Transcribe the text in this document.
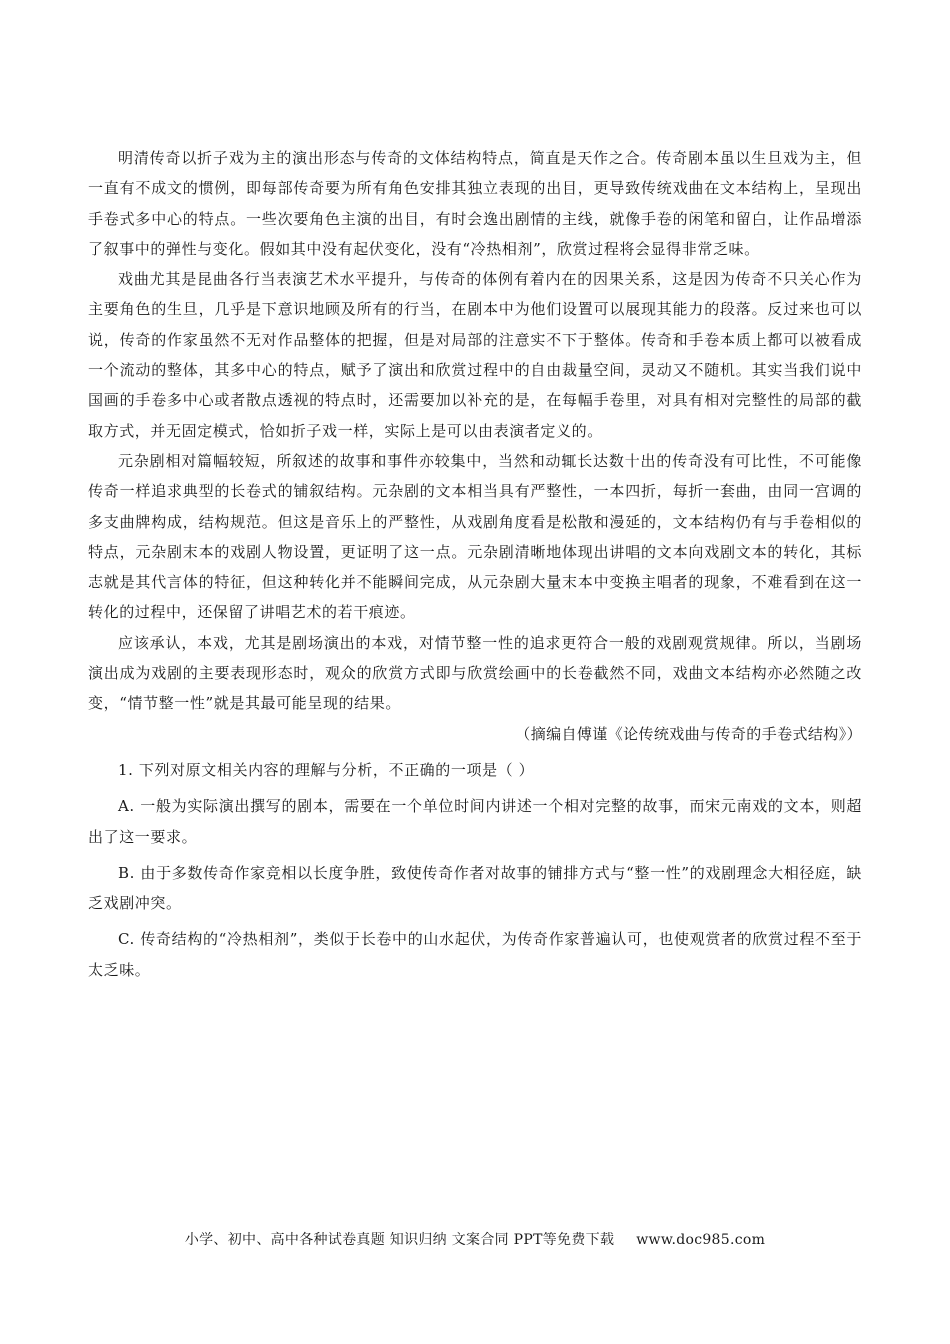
明清传奇以折子戏为主的演出形态与传奇的文体结构特点，简直是天作之合。传奇剧本虽以生旦戏为主，但一直有不成文的惯例，即每部传奇要为所有角色安排其独立表现的出目，更导致传统戏曲在文本结构上，呈现出手卷式多中心的特点。一些次要角色主演的出目，有时会逸出剧情的主线，就像手卷的闲笔和留白，让作品增添了叙事中的弹性与变化。假如其中没有起伏变化，没有“冷热相剂”，欣赏过程将会显得非常乏味。

戏曲尤其是昆曲各行当表演艺术水平提升，与传奇的体例有着内在的因果关系，这是因为传奇不只关心作为主要角色的生旦，几乎是下意识地顾及所有的行当，在剧本中为他们设置可以展现其能力的段落。反过来也可以说，传奇的作家虽然不无对作品整体的把握，但是对局部的注意实不下于整体。传奇和手卷本质上都可以被看成一个流动的整体，其多中心的特点，赋予了演出和欣赏过程中的自由裁量空间，灵动又不随机。其实当我们说中国画的手卷多中心或者散点透视的特点时，还需要加以补充的是，在每幅手卷里，对具有相对完整性的局部的截取方式，并无固定模式，恰如折子戏一样，实际上是可以由表演者定义的。

元杂剧相对篇幅较短，所叙述的故事和事件亦较集中，当然和动辄长达数十出的传奇没有可比性，不可能像传奇一样追求典型的长卷式的铺叙结构。元杂剧的文本相当具有严整性，一本四折，每折一套曲，由同一宫调的多支曲牌构成，结构规范。但这是音乐上的严整性，从戏剧角度看是松散和漫延的，文本结构仍有与手卷相似的特点，元杂剧末本的戏剧人物设置，更证明了这一点。元杂剧清晰地体现出讲唱的文本向戏剧文本的转化，其标志就是其代言体的特征，但这种转化并不能瞬间完成，从元杂剧大量末本中变换主唱者的现象，不难看到在这一转化的过程中，还保留了讲唱艺术的若干痕迹。

应该承认，本戏，尤其是剧场演出的本戏，对情节整一性的追求更符合一般的戏剧观赏规律。所以，当剧场演出成为戏剧的主要表现形态时，观众的欣赏方式即与欣赏绘画中的长卷截然不同，戏曲文本结构亦必然随之改变，“情节整一性”就是其最可能呈现的结果。

（摘编自傅谨《论传统戏曲与传奇的手卷式结构》）

1. 下列对原文相关内容的理解与分析，不正确的一项是（ ）

A. 一般为实际演出撰写的剧本，需要在一个单位时间内讲述一个相对完整的故事，而宋元南戏的文本，则超出了这一要求。

B. 由于多数传奇作家竞相以长度争胜，致使传奇作者对故事的铺排方式与“整一性”的戏剧理念大相径庭，缺乏戏剧冲突。

C. 传奇结构的“冷热相剂”，类似于长卷中的山水起伏，为传奇作家普遍认可，也使观赏者的欣赏过程不至于太乏味。

小学、初中、高中各种试卷真题 知识归纳 文案合同 PPT等免费下载 www.doc985.com
